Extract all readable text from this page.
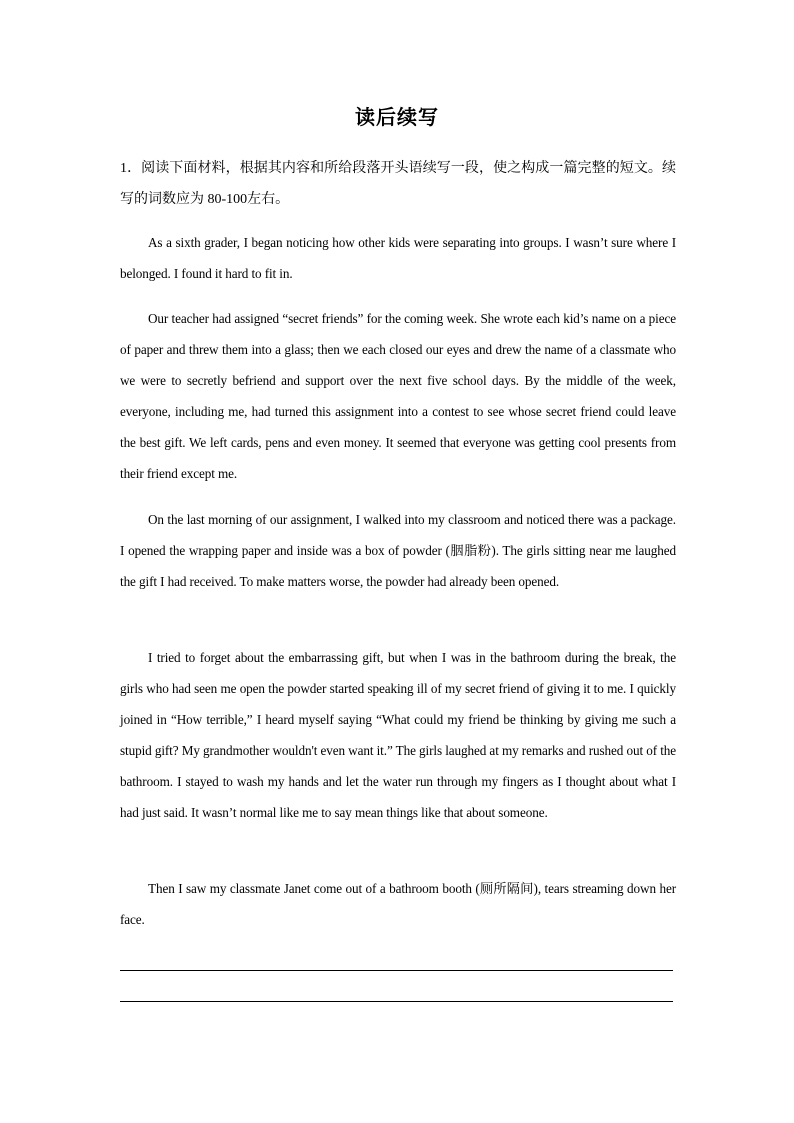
读后续写
1．阅读下面材料，根据其内容和所给段落开头语续写一段，使之构成一篇完整的短文。续写的词数应为 80-100左右。
As a sixth grader, I began noticing how other kids were separating into groups. I wasn’t sure where I belonged. I found it hard to fit in.
Our teacher had assigned “secret friends” for the coming week. She wrote each kid’s name on a piece of paper and threw them into a glass; then we each closed our eyes and drew the name of a classmate who we were to secretly befriend and support over the next five school days. By the middle of the week, everyone, including me, had turned this assignment into a contest to see whose secret friend could leave the best gift. We left cards, pens and even money. It seemed that everyone was getting cool presents from their friend except me.
On the last morning of our assignment, I walked into my classroom and noticed there was a package. I opened the wrapping paper and inside was a box of powder (胭脂粉). The girls sitting near me laughed the gift I had received. To make matters worse, the powder had already been opened.
I tried to forget about the embarrassing gift, but when I was in the bathroom during the break, the girls who had seen me open the powder started speaking ill of my secret friend of giving it to me. I quickly joined in “How terrible,” I heard myself saying “What could my friend be thinking by giving me such a stupid gift? My grandmother wouldn't even want it.” The girls laughed at my remarks and rushed out of the bathroom. I stayed to wash my hands and let the water run through my fingers as I thought about what I had just said. It wasn’t normal like me to say mean things like that about someone.
Then I saw my classmate Janet come out of a bathroom booth (厕所隔间), tears streaming down her face.
